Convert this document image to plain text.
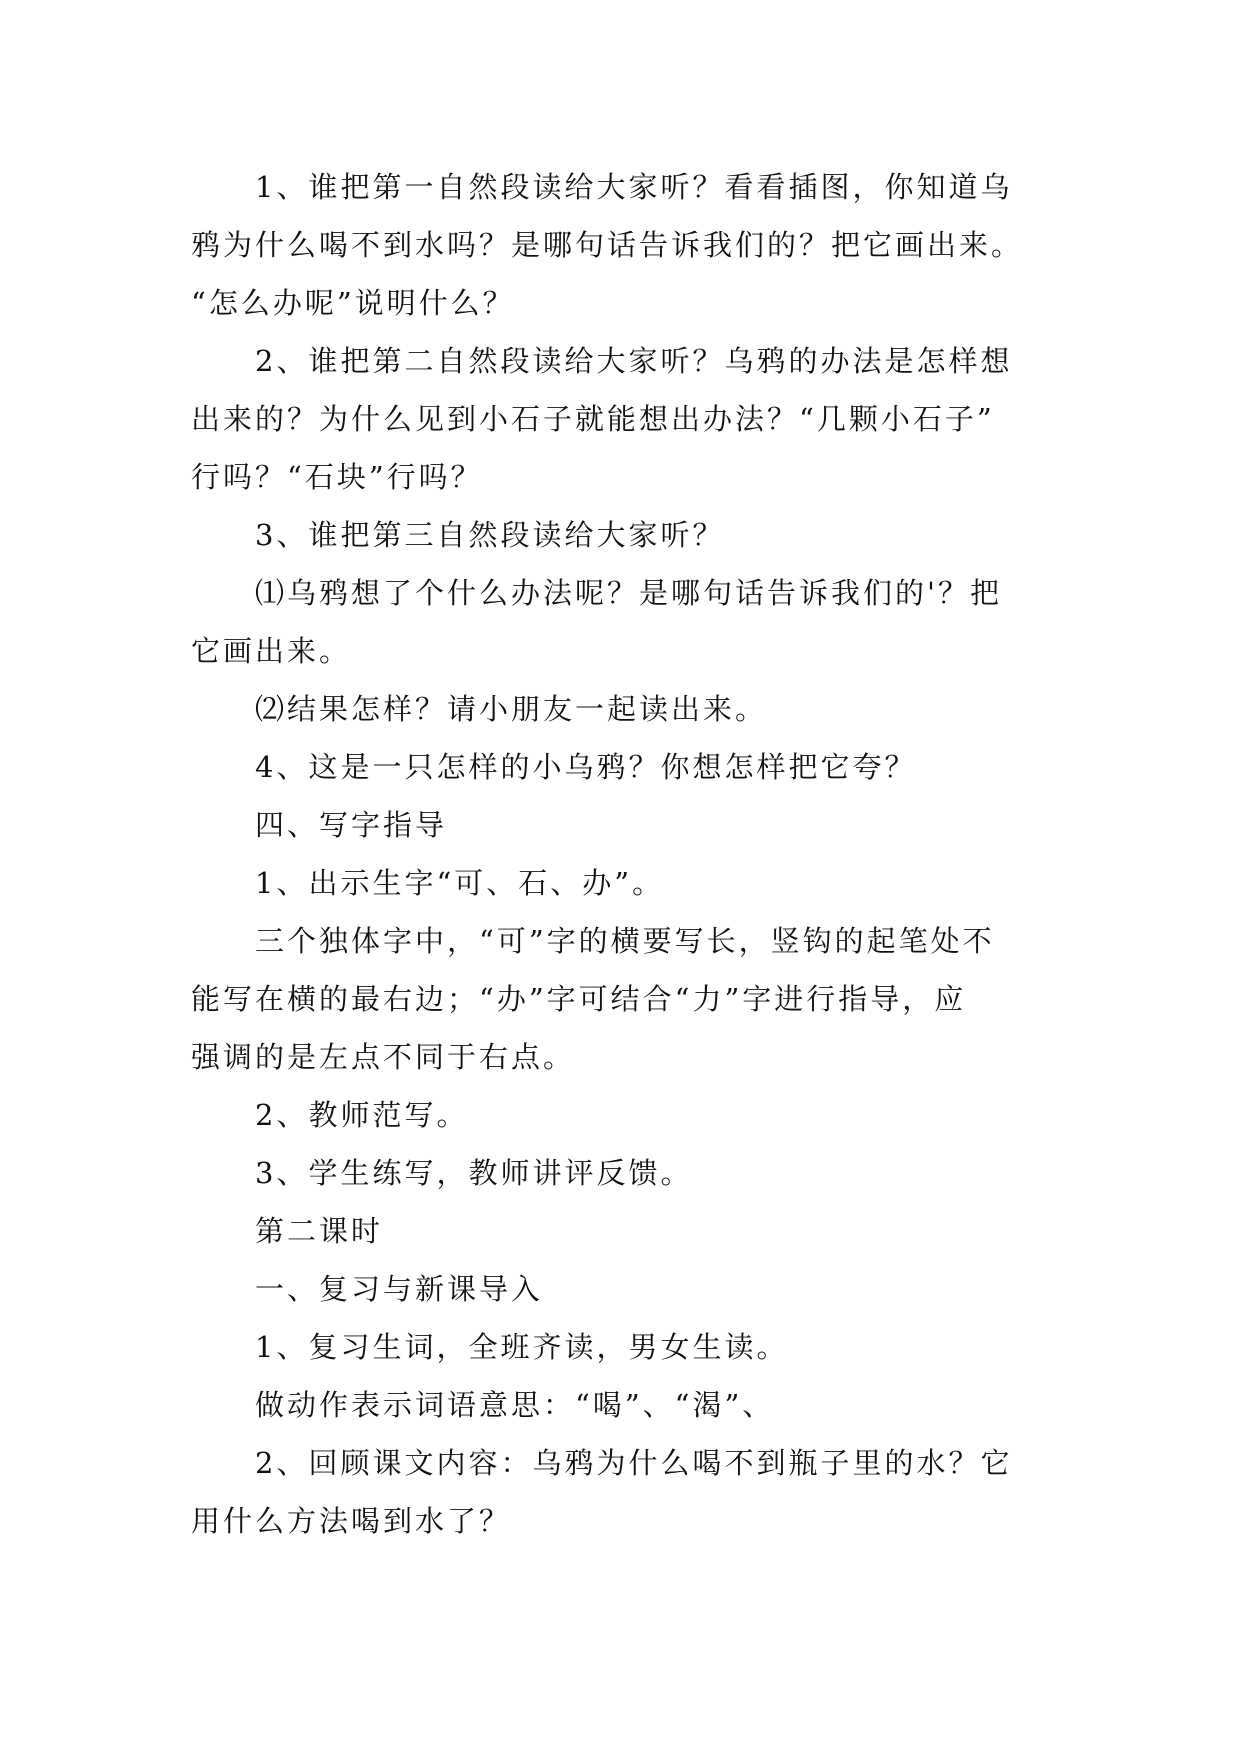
1、谁把第一自然段读给大家听？看看插图，你知道乌

鸦为什么喝不到水吗？是哪句话告诉我们的？把它画出来。

“怎么办呢”说明什么？

2、谁把第二自然段读给大家听？乌鸦的办法是怎样想

出来的？为什么见到小石子就能想出办法？“几颗小石子”

行吗？“石块”行吗？

3、谁把第三自然段读给大家听？

⑴乌鸦想了个什么办法呢？是哪句话告诉我们的'？把

它画出来。

⑵结果怎样？请小朋友一起读出来。

4、这是一只怎样的小乌鸦？你想怎样把它夸？

四、写字指导

1、出示生字“可、石、办”。

三个独体字中，“可”字的横要写长，竖钩的起笔处不

能写在横的最右边；“办”字可结合“力”字进行指导，应

强调的是左点不同于右点。

2、教师范写。

3、学生练写，教师讲评反馈。

第二课时

一、复习与新课导入

1、复习生词，全班齐读，男女生读。

做动作表示词语意思：“喝”、“渴”、

2、回顾课文内容：乌鸦为什么喝不到瓶子里的水？它

用什么方法喝到水了？
